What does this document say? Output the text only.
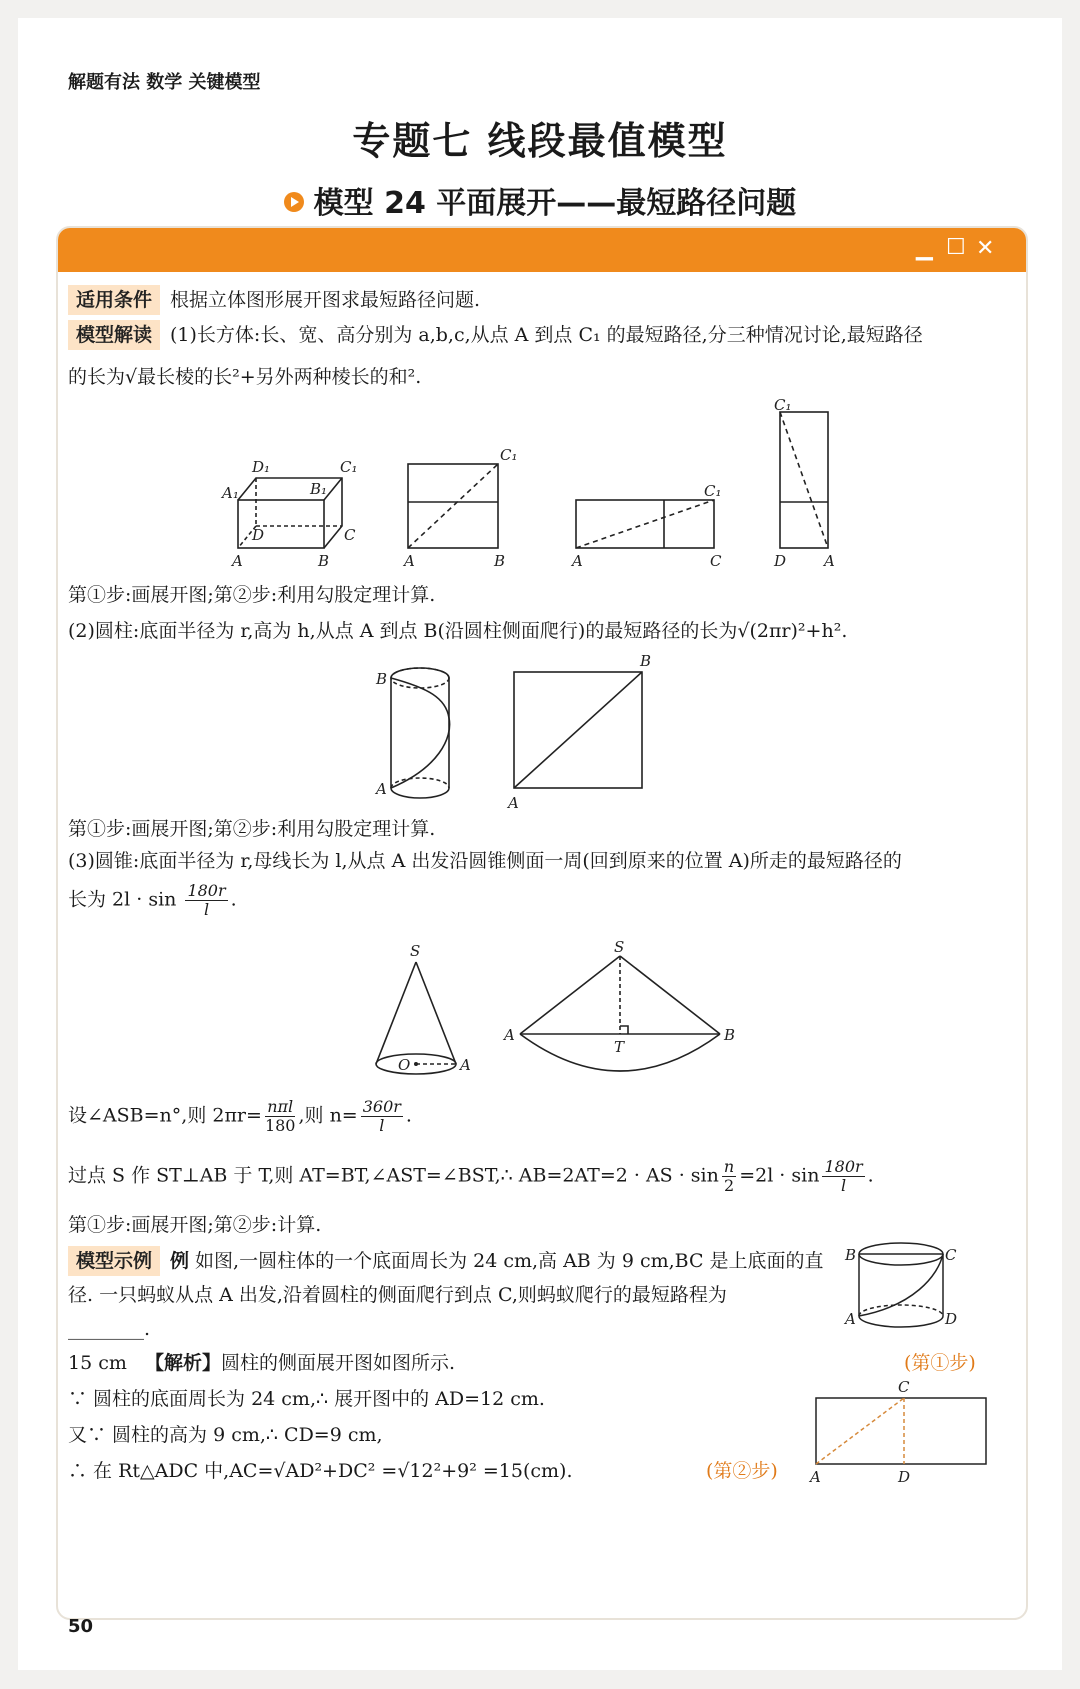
解题有法 数学 关键模型
专题七 线段最值模型
模型 24 平面展开——最短路径问题
▁ ☐ ✕
适用条件 根据立体图形展开图求最短路径问题.
模型解读 (1)长方体:长、宽、高分别为 a,b,c,从点 A 到点 C₁ 的最短路径,分三种情况讨论,最短路径
的长为√最长棱的长²+另外两种棱长的和².
D₁	C₁
A₁	B₁
D	C
A	B
C₁
A	B
C₁
A	C
C₁
D	A
第①步:画展开图;第②步:利用勾股定理计算.
(2)圆柱:底面半径为 r,高为 h,从点 A 到点 B(沿圆柱侧面爬行)的最短路径的长为√(2πr)²+h².
B
A
B
A
第①步:画展开图;第②步:利用勾股定理计算.
(3)圆锥:底面半径为 r,母线长为 l,从点 A 出发沿圆锥侧面一周(回到原来的位置 A)所走的最短路径的
长为 $2l \cdot \sin \frac{180r}{l}$ .
S
O	A
S
A	B
T
设∠ASB=n°,则 $2\pi r= \frac{\text{nπl}}{180}$ ,则 $n= \frac{360r}{l}$ .
过点 S 作 ST⊥AB 于 T,则 AT=BT,∠AST=∠BST,∴ AB=2AT=2 · AS · $\sin \frac{n}{2} =2l \cdot \sin \frac{180r}{l}$ .
第①步:画展开图;第②步:计算.
模型示例 例 如图,一圆柱体的一个底面周长为 24 cm,高 AB 为 9 cm,BC 是上底面的直
径. 一只蚂蚁从点 A 出发,沿着圆柱的侧面爬行到点 C,则蚂蚁爬行的最短路程为
________.
B	C
A	D
15 cm 【解析】圆柱的侧面展开图如图所示.	(第①步)
∵ 圆柱的底面周长为 24 cm,∴ 展开图中的 AD=12 cm.
又∵ 圆柱的高为 9 cm,∴ CD=9 cm,
∴ 在 Rt△ADC 中,AC=√AD²+DC² =√12²+9² =15(cm).	(第②步)
C
A	D
50
